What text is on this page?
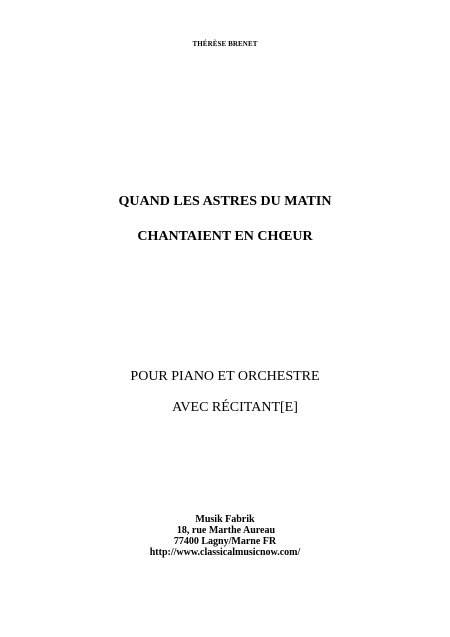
THÉRÈSE BRENET
QUAND LES ASTRES DU MATIN
CHANTAIENT EN CHŒUR
POUR PIANO ET ORCHESTRE
AVEC RÉCITANT[E]
Musik Fabrik
18, rue Marthe Aureau
77400 Lagny/Marne FR
http://www.classicalmusicnow.com/
